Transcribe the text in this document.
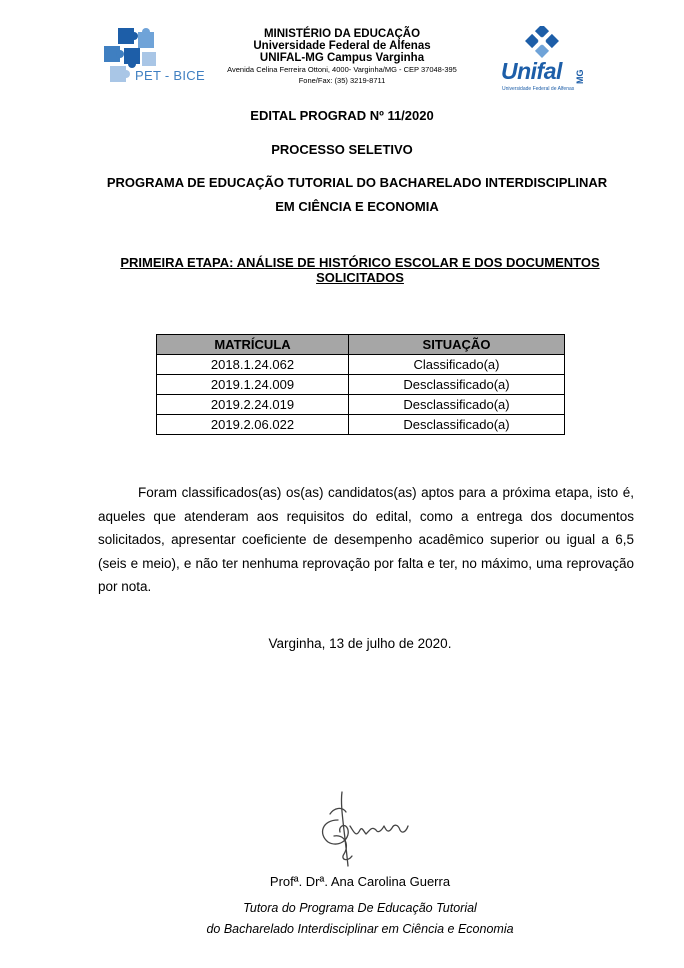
PET - BICE
MINISTÉRIO DA EDUCAÇÃO
Universidade Federal de Alfenas
UNIFAL-MG Campus Varginha
Avenida Celina Ferreira Ottoni, 4000- Varginha/MG - CEP 37048-395
Fone/Fax: (35) 3219-8711	Unifal MG
Universidade Federal de Alfenas
EDITAL PROGRAD Nº 11/2020
PROCESSO SELETIVO
PROGRAMA DE EDUCAÇÃO TUTORIAL DO BACHARELADO INTERDISCIPLINAR
EM CIÊNCIA E ECONOMIA
PRIMEIRA ETAPA: ANÁLISE DE HISTÓRICO ESCOLAR E DOS DOCUMENTOS
SOLICITADOS
MATRÍCULA	SITUAÇÃO
2018.1.24.062	Classificado(a)
2019.1.24.009	Desclassificado(a)
2019.2.24.019	Desclassificado(a)
2019.2.06.022	Desclassificado(a)
Foram classificados(as) os(as) candidatos(as) aptos para a próxima etapa, isto é, aqueles que atenderam aos requisitos do edital, como a entrega dos documentos solicitados, apresentar coeficiente de desempenho acadêmico superior ou igual a 6,5 (seis e meio), e não ter nenhuma reprovação por falta e ter, no máximo, uma reprovação por nota.
Varginha, 13 de julho de 2020.
Profª. Drª. Ana Carolina Guerra
Tutora do Programa De Educação Tutorial
do Bacharelado Interdisciplinar em Ciência e Economia
